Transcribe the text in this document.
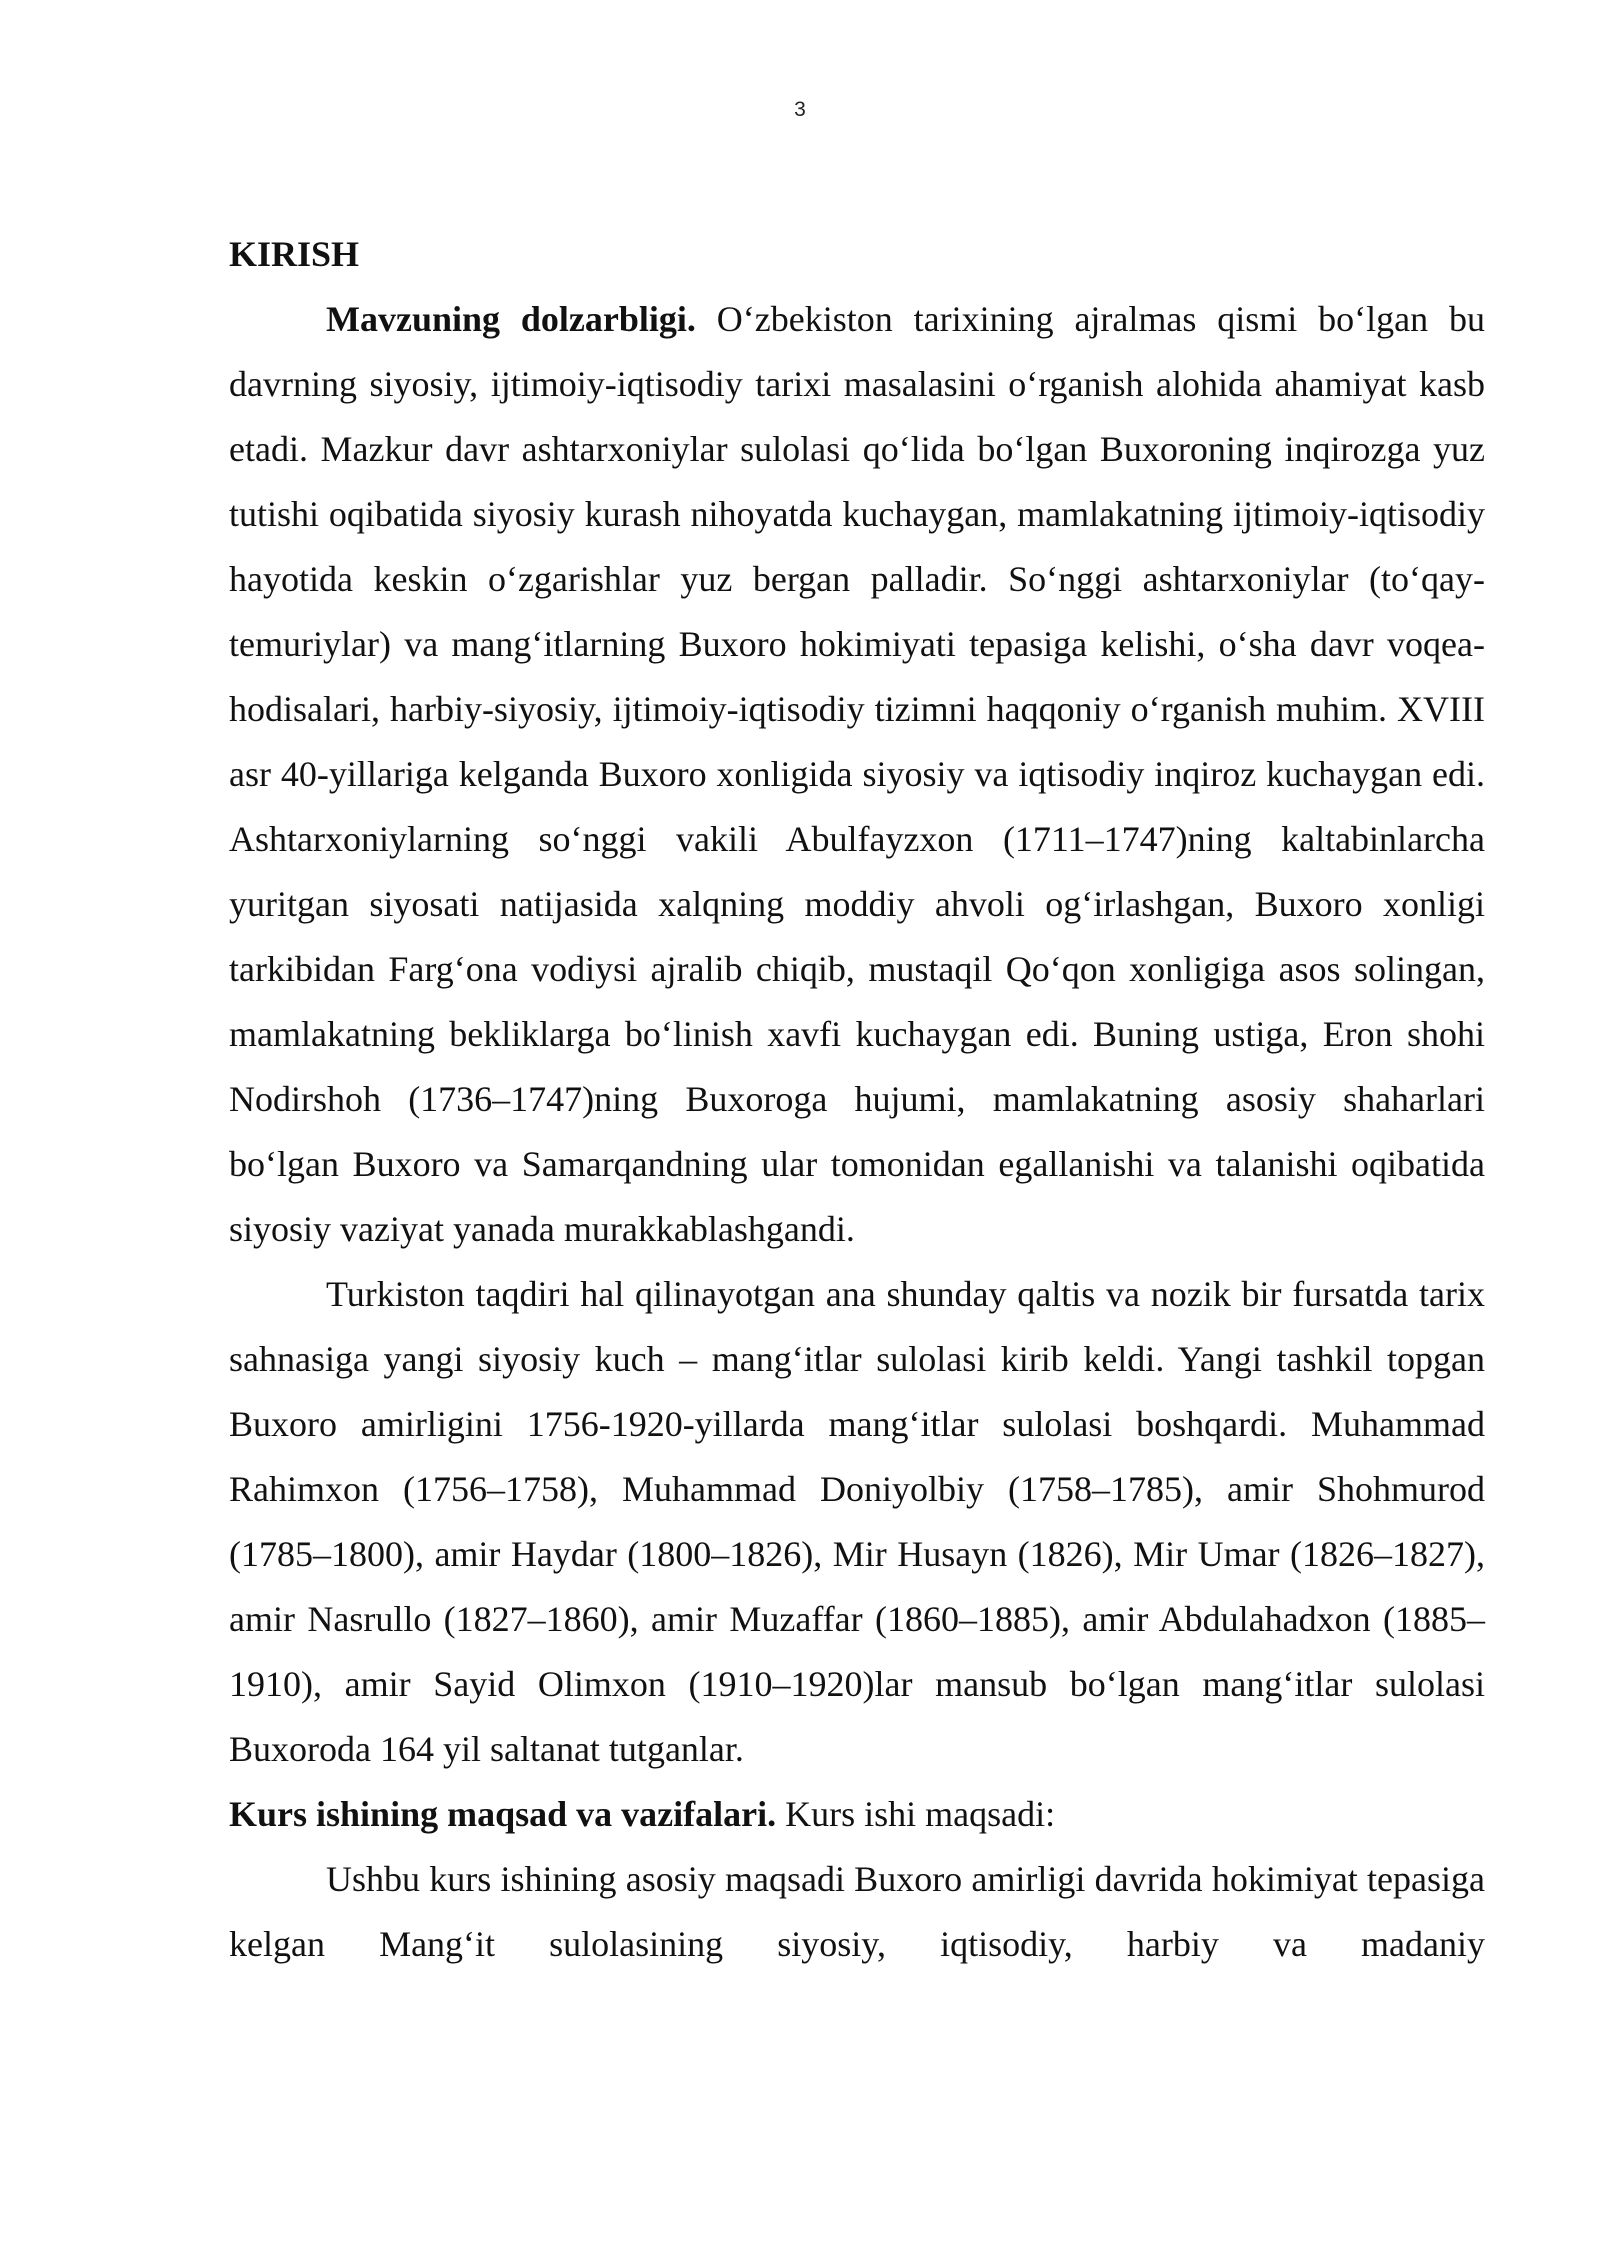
3
KIRISH

Mavzuning dolzarbligi. O‘zbekiston tarixining ajralmas qismi bo‘lgan bu davrning siyosiy, ijtimoiy-iqtisodiy tarixi masalasini o‘rganish alohida ahamiyat kasb etadi. Mazkur davr ashtarxoniylar sulolasi qo‘lida bo‘lgan Buxoroning inqirozga yuz tutishi oqibatida siyosiy kurash nihoyatda kuchaygan, mamlakatning ijtimoiy-iqtisodiy hayotida keskin o‘zgarishlar yuz bergan palladir. So‘nggi ashtarxoniylar (to‘qay-temuriylar) va mang‘itlarning Buxoro hokimiyati tepasiga kelishi, o‘sha davr voqea-hodisalari, harbiy-siyosiy, ijtimoiy-iqtisodiy tizimni haqqoniy o‘rganish muhim. XVIII asr 40-yillariga kelganda Buxoro xonligida siyosiy va iqtisodiy inqiroz kuchaygan edi. Ashtarxoniylarning so‘nggi vakili Abulfayzxon (1711–1747)ning kaltabinlarcha yuritgan siyosati natijasida xalqning moddiy ahvoli og‘irlashgan, Buxoro xonligi tarkibidan Farg‘ona vodiysi ajralib chiqib, mustaqil Qo‘qon xonligiga asos solingan, mamlakatning bekliklarga bo‘linish xavfi kuchaygan edi. Buning ustiga, Eron shohi Nodirshoh (1736–1747)ning Buxoroga hujumi, mamlakatning asosiy shaharlari bo‘lgan Buxoro va Samarqandning ular tomonidan egallanishi va talanishi oqibatida siyosiy vaziyat yanada murakkablashgandi.

Turkiston taqdiri hal qilinayotgan ana shunday qaltis va nozik bir fursatda tarix sahnasiga yangi siyosiy kuch – mang‘itlar sulolasi kirib keldi. Yangi tashkil topgan Buxoro amirligini 1756-1920-yillarda mang‘itlar sulolasi boshqardi. Muhammad Rahimxon (1756–1758), Muhammad Doniyolbiy (1758–1785), amir Shohmurod (1785–1800), amir Haydar (1800–1826), Mir Husayn (1826), Mir Umar (1826–1827), amir Nasrullo (1827–1860), amir Muzaffar (1860–1885), amir Abdulahadxon (1885–1910), amir Sayid Olimxon (1910–1920)lar mansub bo‘lgan mang‘itlar sulolasi Buxoroda 164 yil saltanat tutganlar.

Kurs ishining maqsad va vazifalari. Kurs ishi maqsadi:

Ushbu kurs ishining asosiy maqsadi Buxoro amirligi davrida hokimiyat tepasiga kelgan Mang‘it sulolasining siyosiy, iqtisodiy, harbiy va madaniy
